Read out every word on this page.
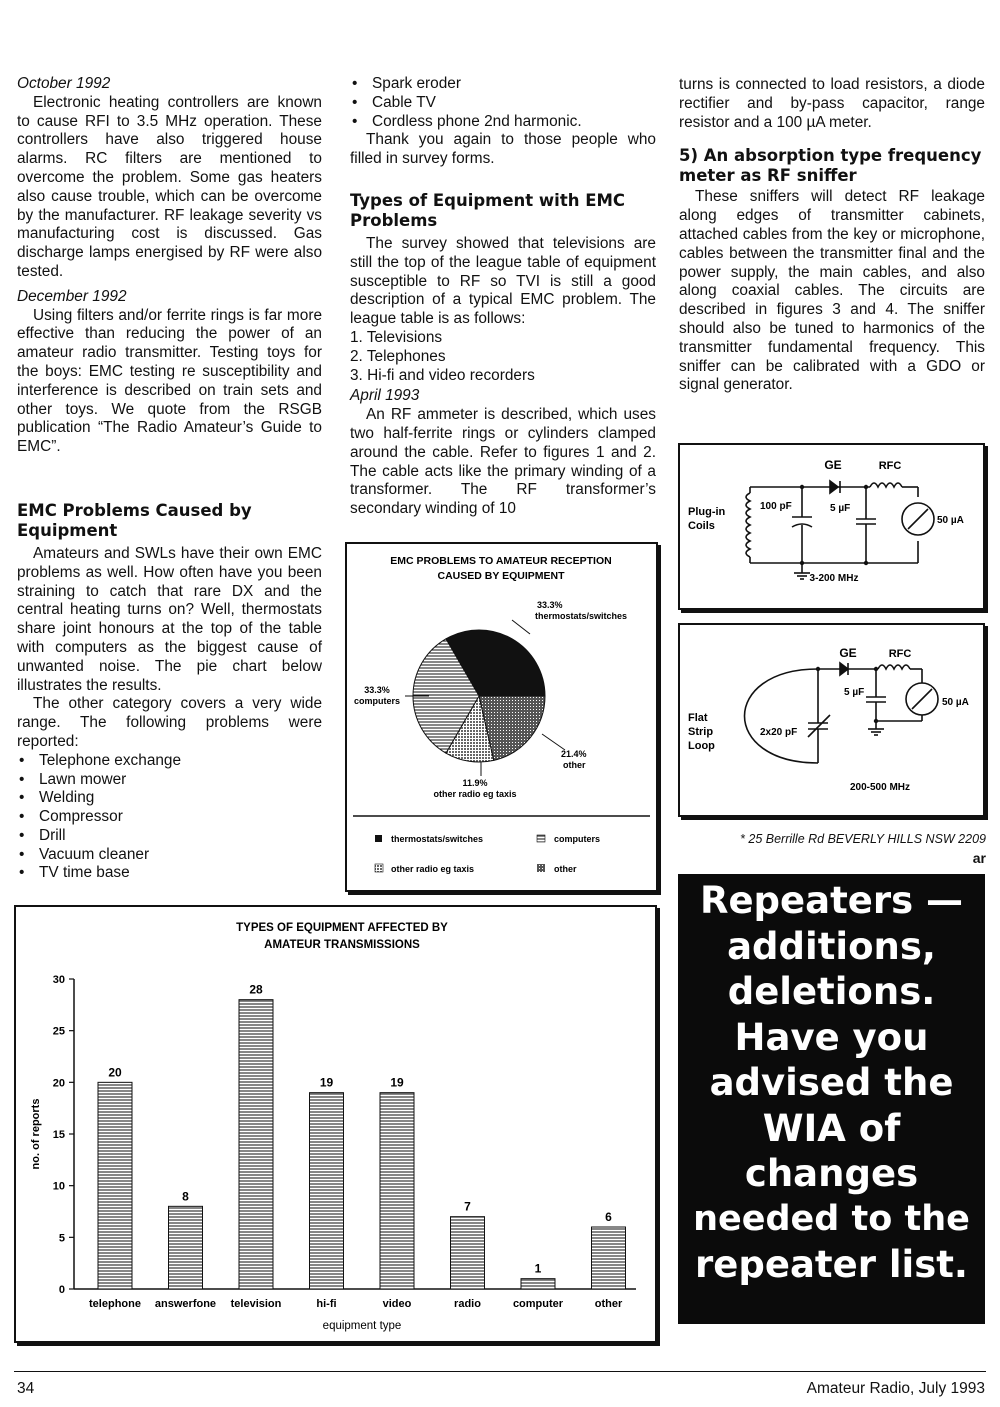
October 1992

Electronic heating controllers are known to cause RFI to 3.5 MHz operation. These controllers have also triggered house alarms. RC filters are mentioned to overcome the problem. Some gas heaters also cause trouble, which can be overcome by the manufacturer. RF leakage severity vs manufacturing cost is discussed. Gas discharge lamps energised by RF were also tested.

December 1992

Using filters and/or ferrite rings is far more effective than reducing the power of an amateur radio transmitter. Testing toys for the boys: EMC testing re susceptibility and interference is described on train sets and other toys. We quote from the RSGB publication “The Radio Amateur’s Guide to EMC”.

EMC Problems Caused by Equipment

Amateurs and SWLs have their own EMC problems as well. How often have you been straining to catch that rare DX and the central heating turns on? Well, thermostats share joint honours at the top of the table with computers as the biggest cause of unwanted noise. The pie chart below illustrates the results.

The other category covers a very wide range. The following problems were reported:

• Telephone exchange
• Lawn mower
• Welding
• Compressor
• Drill
• Vacuum cleaner
• TV time base
• Spark eroder
• Cable TV
• Cordless phone 2nd harmonic.

Thank you again to those people who filled in survey forms.

Types of Equipment with EMC Problems

The survey showed that televisions are still the top of the league table of equipment susceptible to RF so TVI is still a good description of a typical EMC problem. The league table is as follows:

1. Televisions
2. Telephones
3. Hi-fi and video recorders

April 1993

An RF ammeter is described, which uses two half-ferrite rings or cylinders clamped around the cable. Refer to figures 1 and 2. The cable acts like the primary winding of a transformer. The RF transformer’s secondary winding of 10

turns is connected to load resistors, a diode rectifier and by-pass capacitor, range resistor and a 100 µA meter.

5) An absorption type frequency meter as RF sniffer

These sniffers will detect RF leakage along edges of transmitter cabinets, attached cables from the key or microphone, cables between the transmitter final and the power supply, the main cables, and also along coaxial cables. The circuits are described in figures 3 and 4. The sniffer should also be tuned to harmonics of the transmitter fundamental frequency. This sniffer can be calibrated with a GDO or signal generator.

EMC PROBLEMS TO AMATEUR RECEPTION
CAUSED BY EQUIPMENT
33.3%
thermostats/switches
33.3%
computers
21.4%
other
11.9%
other radio eg taxis
thermostats/switches	computers
other radio eg taxis	other
GE	RFC
Plug-in
Coils
100 pF	5 µF
50 µA
3-200 MHz
GE	RFC
Flat
Strip
Loop
5 µF
2x20 pF
50 µA
200-500 MHz
* 25 Berrille Rd BEVERLY HILLS NSW 2209
ar
Repeaters —
additions,
deletions.
Have you
advised the
WIA of
changes
needed to the
repeater list.
TYPES OF EQUIPMENT AFFECTED BY
AMATEUR TRANSMISSIONS
no. of reports
0
5
10
15
20
25
30
20
8
28
19	19
7
1
6
telephone answerfone television	hi-fi	video	radio	computer	other
equipment type
34	Amateur Radio, July 1993
